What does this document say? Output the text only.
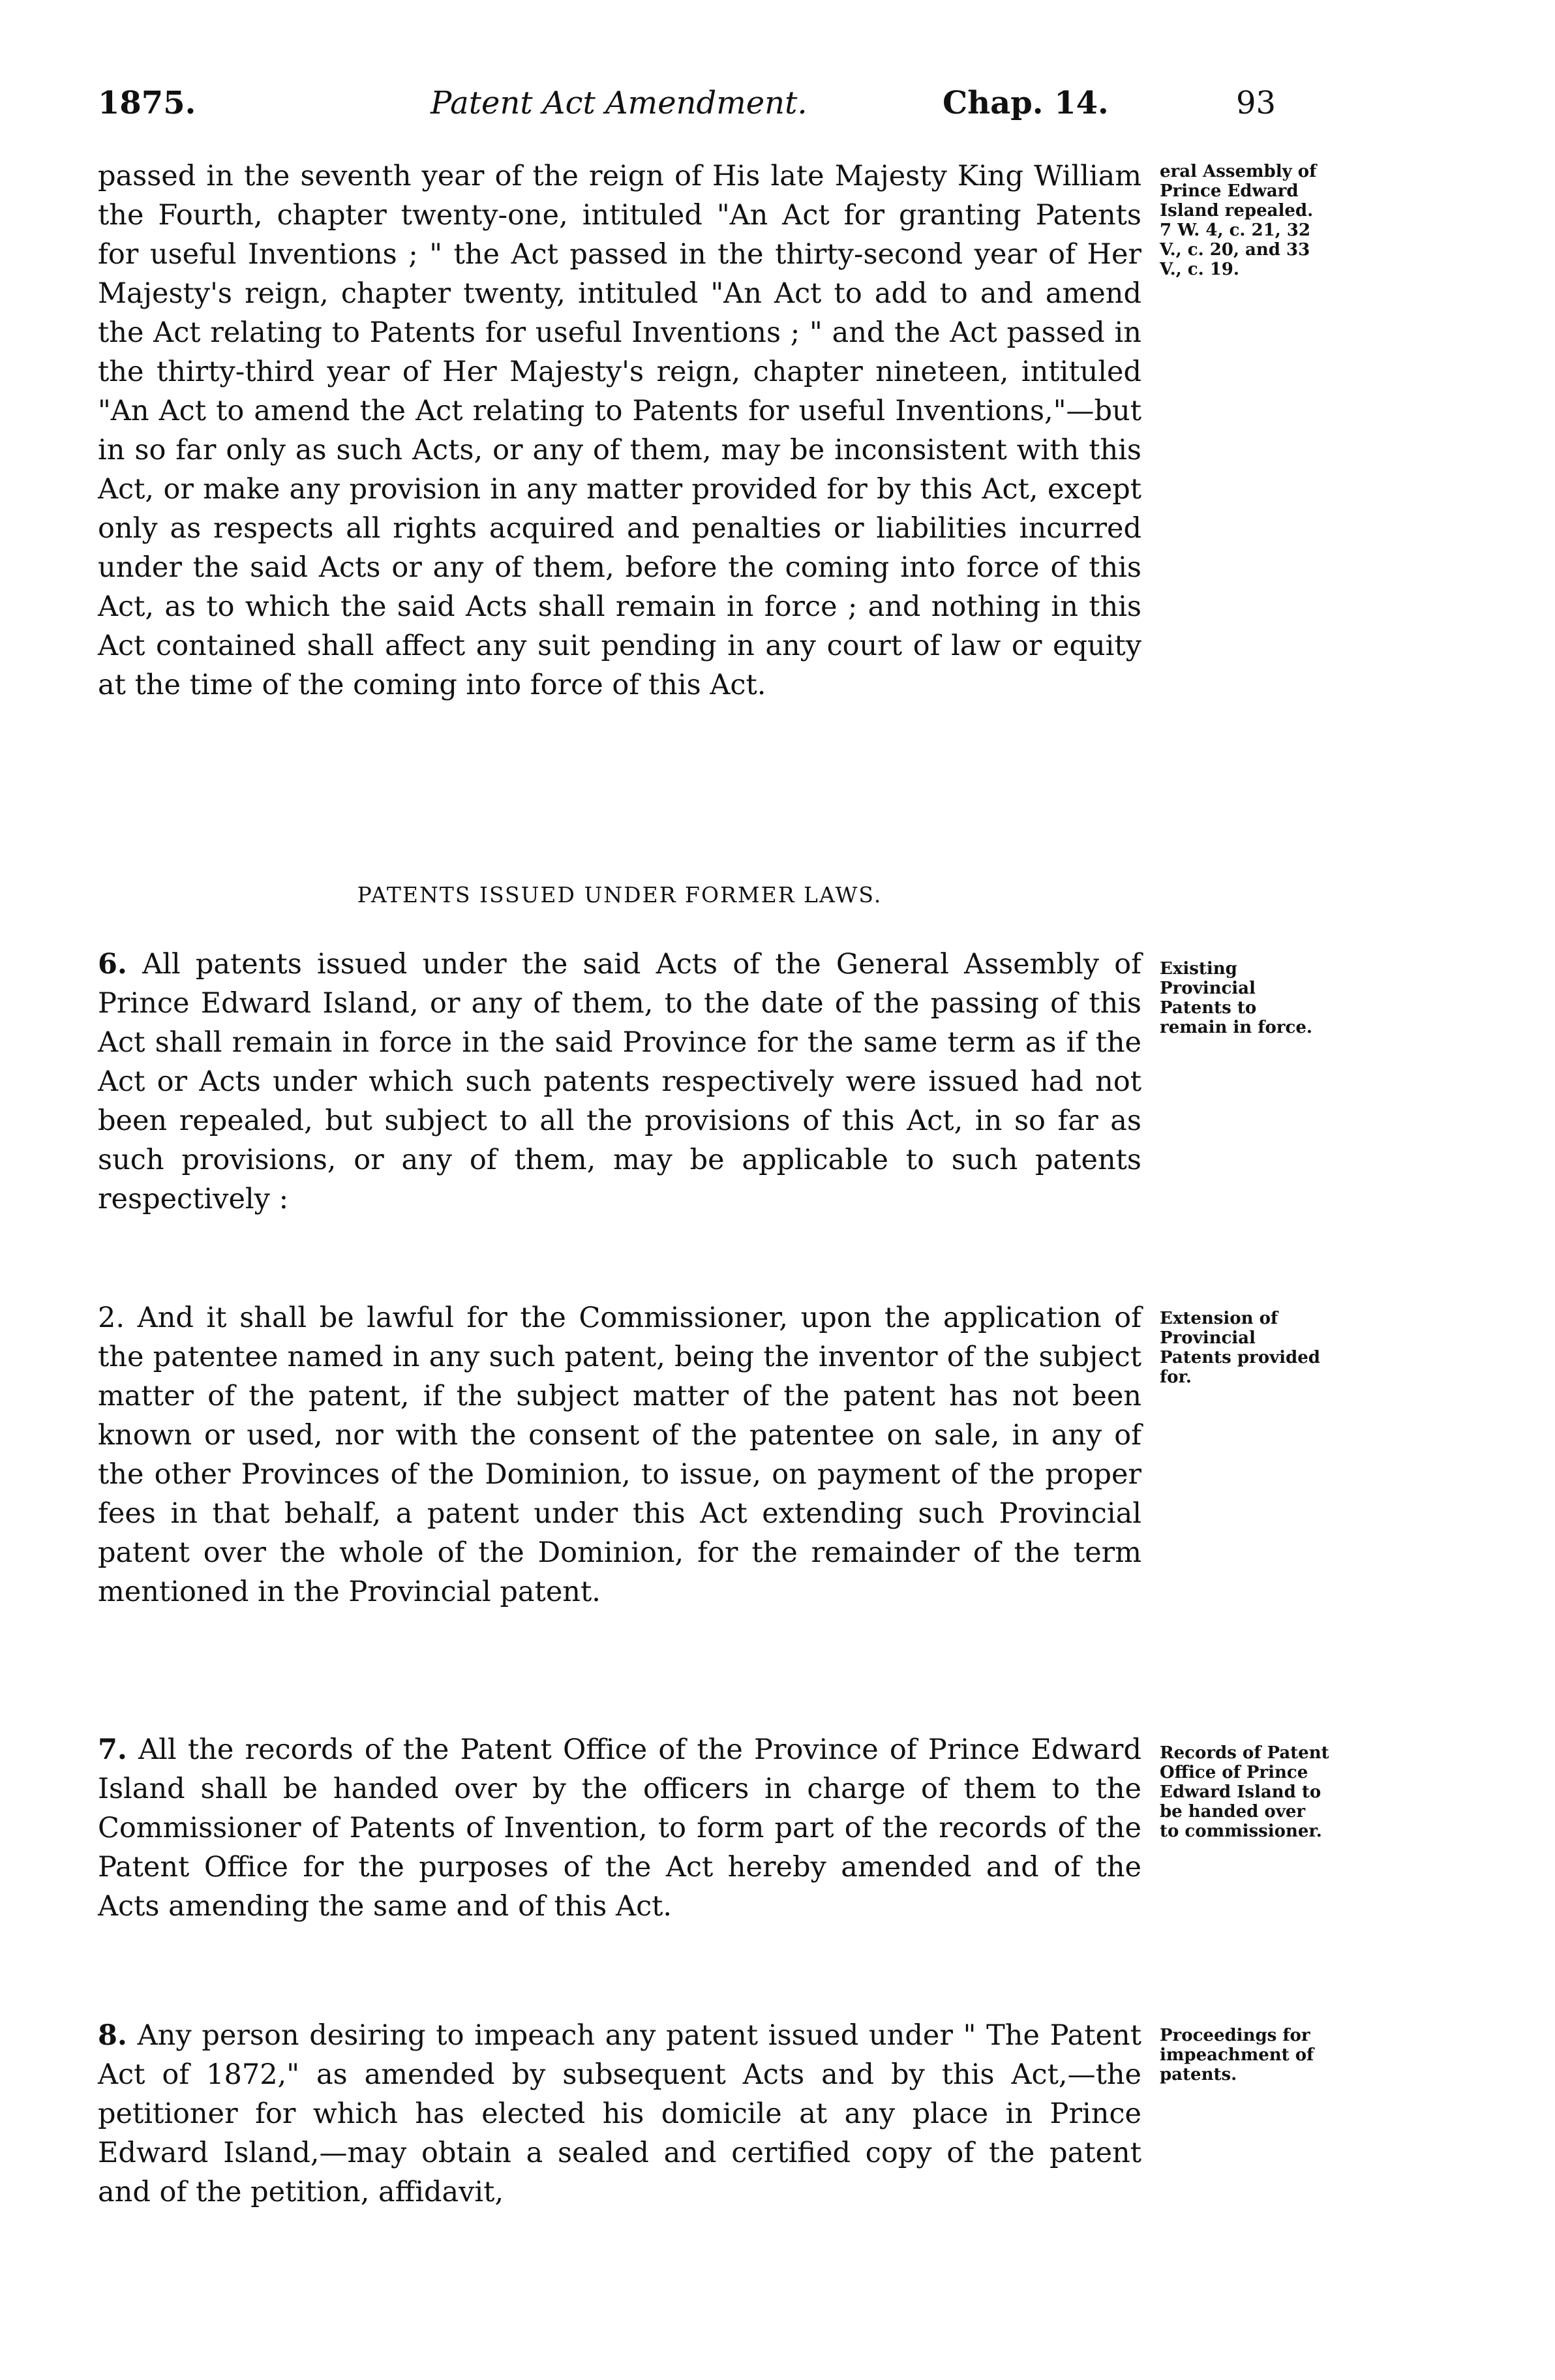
1875.	Patent Act Amendment.	Chap. 14.	93

passed in the seventh year of the reign of His late Majesty King William the Fourth, chapter twenty-one, intituled "An Act for granting Patents for useful Inventions ; " the Act passed in the thirty-second year of Her Majesty's reign, chapter twenty, intituled "An Act to add to and amend the Act relating to Patents for useful Inventions ; " and the Act passed in the thirty-third year of Her Majesty's reign, chapter nineteen, intituled "An Act to amend the Act relating to Patents for useful Inventions,"—but in so far only as such Acts, or any of them, may be inconsistent with this Act, or make any provision in any matter provided for by this Act, except only as respects all rights acquired and penalties or liabilities incurred under the said Acts or any of them, before the coming into force of this Act, as to which the said Acts shall remain in force ; and nothing in this Act contained shall affect any suit pending in any court of law or equity at the time of the coming into force of this Act.

eral Assembly of Prince Edward Island repealed. 7 W. 4, c. 21, 32 V., c. 20, and 33 V., c. 19.

PATENTS ISSUED UNDER FORMER LAWS.

6. All patents issued under the said Acts of the General Assembly of Prince Edward Island, or any of them, to the date of the passing of this Act shall remain in force in the said Province for the same term as if the Act or Acts under which such patents respectively were issued had not been repealed, but subject to all the provisions of this Act, in so far as such provisions, or any of them, may be applicable to such patents respectively :

Existing Provincial Patents to remain in force.

2. And it shall be lawful for the Commissioner, upon the application of the patentee named in any such patent, being the inventor of the subject matter of the patent, if the subject matter of the patent has not been known or used, nor with the consent of the patentee on sale, in any of the other Provinces of the Dominion, to issue, on payment of the proper fees in that behalf, a patent under this Act extending such Provincial patent over the whole of the Dominion, for the remainder of the term mentioned in the Provincial patent.

Extension of Provincial Patents provided for.

7. All the records of the Patent Office of the Province of Prince Edward Island shall be handed over by the officers in charge of them to the Commissioner of Patents of Invention, to form part of the records of the Patent Office for the purposes of the Act hereby amended and of the Acts amending the same and of this Act.

Records of Patent Office of Prince Edward Island to be handed over to commissioner.

8. Any person desiring to impeach any patent issued under " The Patent Act of 1872," as amended by subsequent Acts and by this Act,—the petitioner for which has elected his domicile at any place in Prince Edward Island,—may obtain a sealed and certified copy of the patent and of the petition, affidavit,

Proceedings for impeachment of patents.
